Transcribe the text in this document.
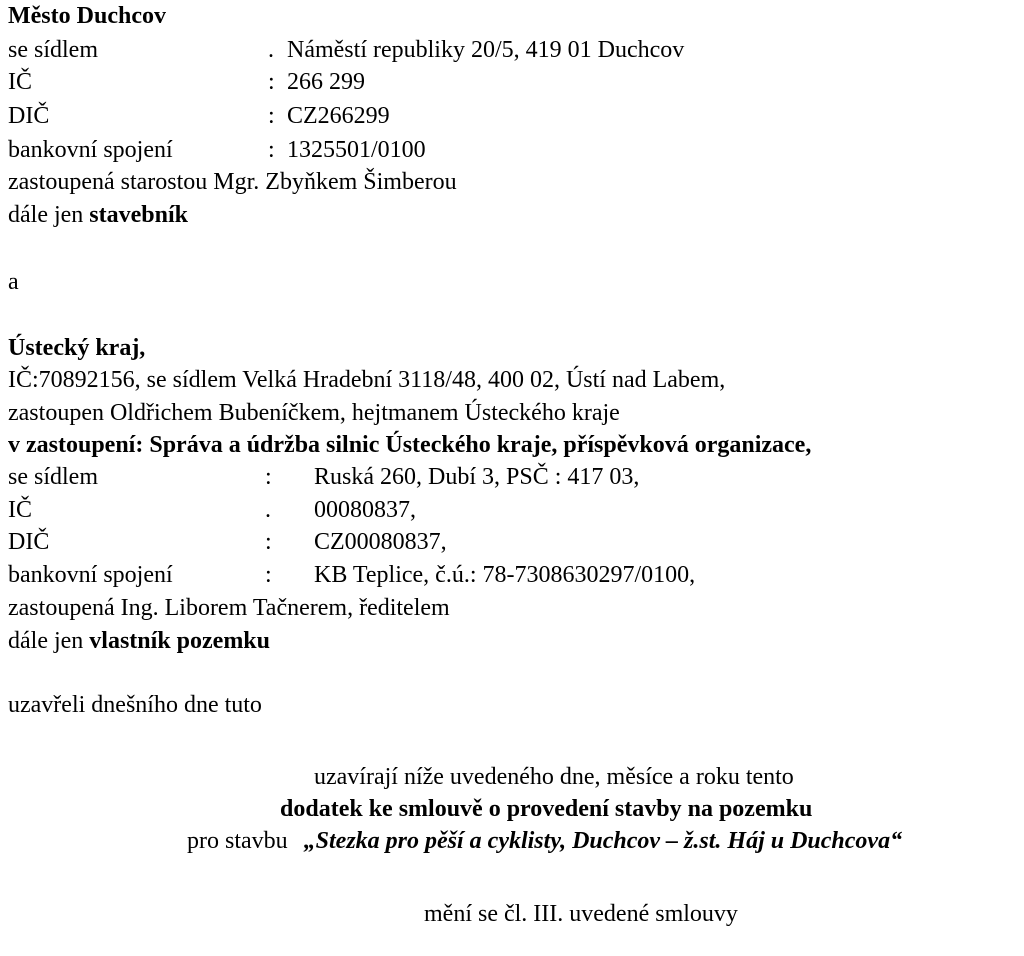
Město Duchcov
se sídlem	. Náměstí republiky 20/5, 419 01 Duchcov
IČ	: 266 299
DIČ	: CZ266299
bankovní spojení	: 1325501/0100
zastoupená starostou Mgr. Zbyňkem Šimberou
dále jen stavebník
a
Ústecký kraj,
IČ:70892156, se sídlem Velká Hradební 3118/48, 400 02, Ústí nad Labem,
zastoupen Oldřichem Bubeníčkem, hejtmanem Ústeckého kraje
v zastoupení: Správa a údržba silnic Ústeckého kraje, příspěvková organizace,
se sídlem	: Ruská 260, Dubí 3, PSČ : 417 03,
IČ	. 00080837,
DIČ	: CZ00080837,
bankovní spojení	: KB Teplice, č.ú.: 78-7308630297/0100,
zastoupená Ing. Liborem Tačnerem, ředitelem
dále jen vlastník pozemku
uzavřeli dnešního dne tuto
uzavírají níže uvedeného dne, měsíce a roku tento
dodatek ke smlouvě o provedení stavby na pozemku
pro stavbu „Stezka pro pěší a cyklisty, Duchcov – ž.st. Háj u Duchcova“
mění se čl. III. uvedené smlouvy
